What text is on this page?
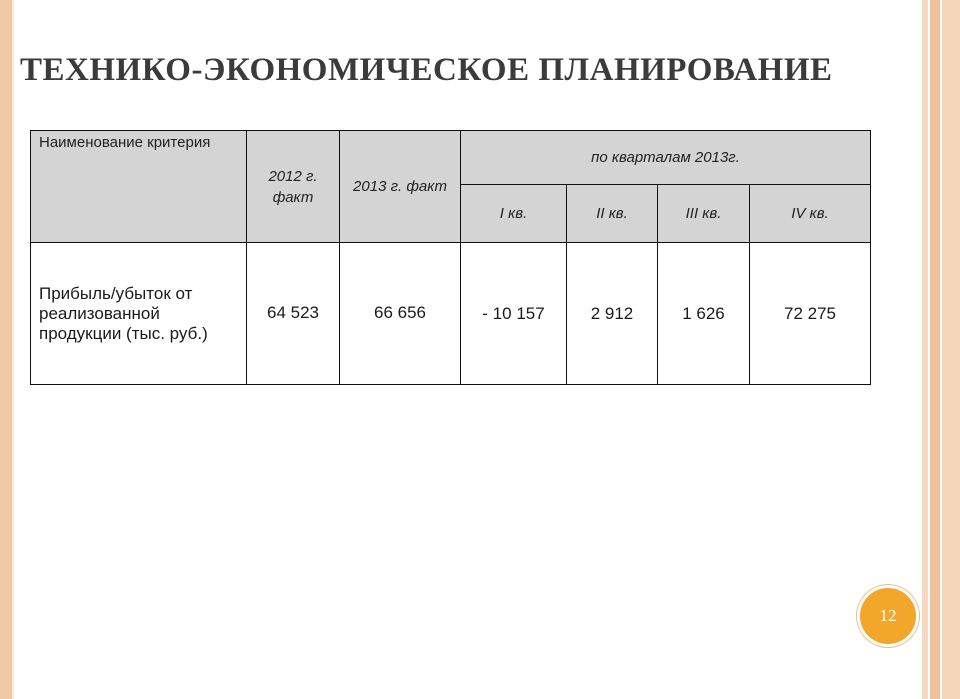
ТЕХНИКО-ЭКОНОМИЧЕСКОЕ ПЛАНИРОВАНИЕ
Наименование критерия	2012 г. факт	2013 г. факт	по кварталам 2013г.			
			I кв.	II кв.	III кв.	IV кв.
Прибыль/убыток от реализованной продукции (тыс. руб.)	64 523	66 656	- 10 157	2 912	1 626	72 275
12
